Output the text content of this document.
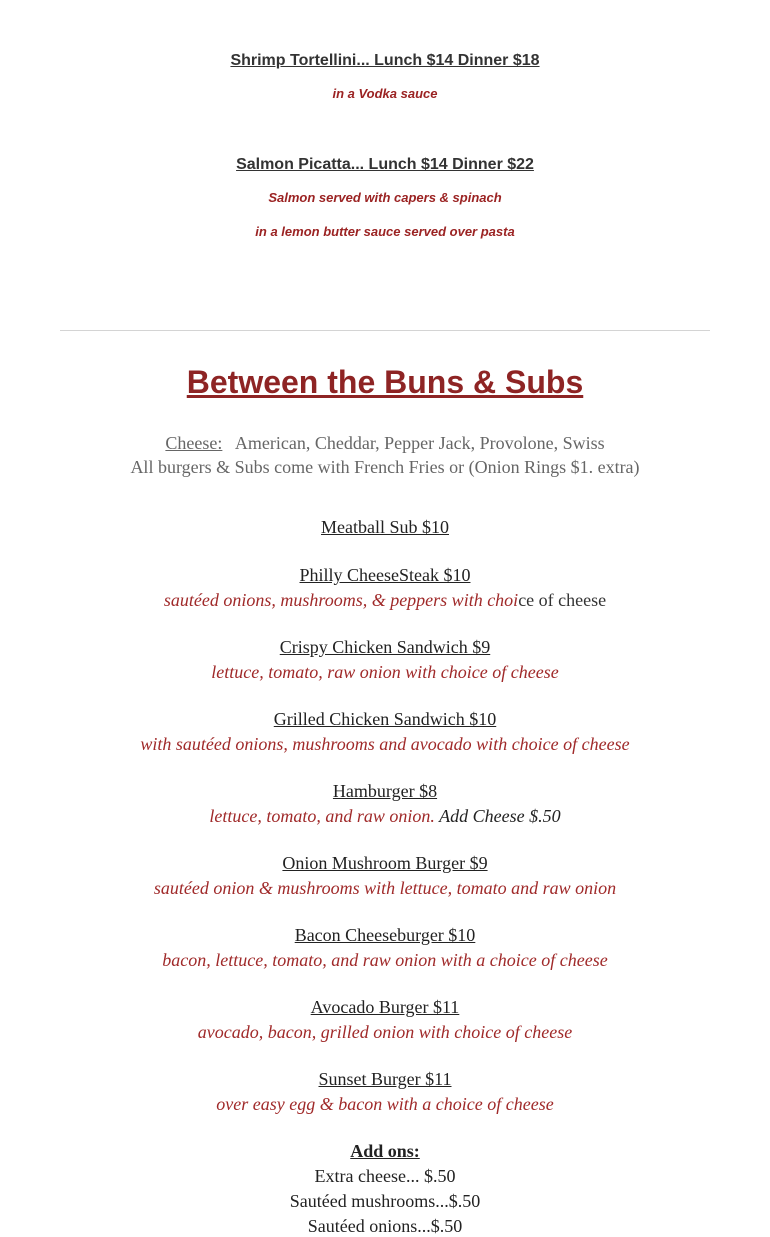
Shrimp Tortellini... Lunch $14 Dinner $18
in a Vodka sauce
Salmon Picatta... Lunch $14 Dinner $22
Salmon served with capers & spinach
in a lemon butter sauce served over pasta
Between the Buns & Subs
Cheese: American, Cheddar, Pepper Jack, Provolone, Swiss
All burgers & Subs come with French Fries or (Onion Rings $1. extra)
Meatball Sub $10
Philly CheeseSteak $10
sautéed onions, mushrooms, & peppers with choice of cheese
Crispy Chicken Sandwich $9
lettuce, tomato, raw onion with choice of cheese
Grilled Chicken Sandwich $10
with sautéed onions, mushrooms and avocado with choice of cheese
Hamburger $8
lettuce, tomato, and raw onion. Add Cheese $.50
Onion Mushroom Burger $9
sautéed onion & mushrooms with lettuce, tomato and raw onion
Bacon Cheeseburger $10
bacon, lettuce, tomato, and raw onion with a choice of cheese
Avocado Burger $11
avocado, bacon, grilled onion with choice of cheese
Sunset Burger $11
over easy egg & bacon with a choice of cheese
Add ons:
Extra cheese... $.50
Sautéed mushrooms...$.50
Sautéed onions...$.50
